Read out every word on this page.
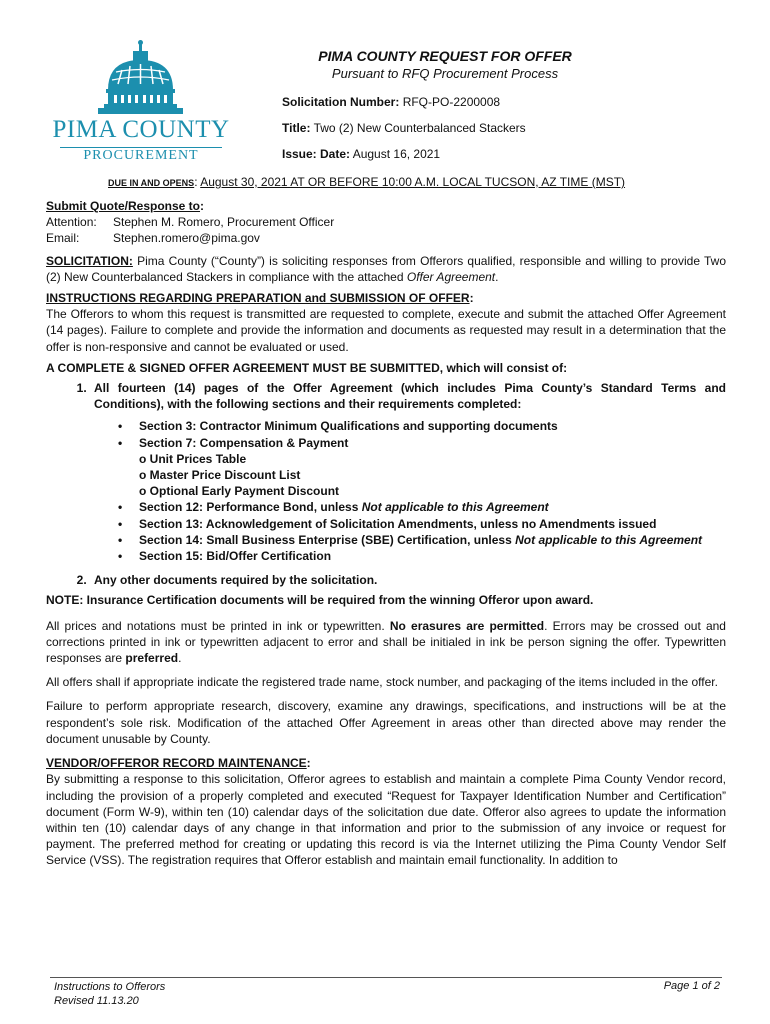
PIMA COUNTY
PROCUREMENT
PIMA COUNTY REQUEST FOR OFFER
Pursuant to RFQ Procurement Process
Solicitation Number: RFQ-PO-2200008
Title: Two (2) New Counterbalanced Stackers
Issue: Date: August 16, 2021
DUE IN AND OPENS: August 30, 2021 AT OR BEFORE 10:00 A.M. LOCAL TUCSON, AZ TIME (MST)
Submit Quote/Response to:
Attention:	Stephen M. Romero, Procurement Officer
Email:	Stephen.romero@pima.gov

SOLICITATION: Pima County (“County”) is soliciting responses from Offerors qualified, responsible and willing to provide Two (2) New Counterbalanced Stackers in compliance with the attached Offer Agreement.

INSTRUCTIONS REGARDING PREPARATION and SUBMISSION OF OFFER:

The Offerors to whom this request is transmitted are requested to complete, execute and submit the attached Offer Agreement (14 pages). Failure to complete and provide the information and documents as requested may result in a determination that the offer is non-responsive and cannot be evaluated or used.

A COMPLETE & SIGNED OFFER AGREEMENT MUST BE SUBMITTED, which will consist of:
1. All fourteen (14) pages of the Offer Agreement (which includes Pima County’s Standard Terms and Conditions), with the following sections and their requirements completed:
• Section 3: Contractor Minimum Qualifications and supporting documents
• Section 7: Compensation & Payment
o Unit Prices Table
o Master Price Discount List
o Optional Early Payment Discount
• Section 12: Performance Bond, unless Not applicable to this Agreement
• Section 13: Acknowledgement of Solicitation Amendments, unless no Amendments issued
• Section 14: Small Business Enterprise (SBE) Certification, unless Not applicable to this Agreement
• Section 15: Bid/Offer Certification
2. Any other documents required by the solicitation.

NOTE: Insurance Certification documents will be required from the winning Offeror upon award.

All prices and notations must be printed in ink or typewritten. No erasures are permitted. Errors may be crossed out and corrections printed in ink or typewritten adjacent to error and shall be initialed in ink be person signing the offer. Typewritten responses are preferred.

All offers shall if appropriate indicate the registered trade name, stock number, and packaging of the items included in the offer.

Failure to perform appropriate research, discovery, examine any drawings, specifications, and instructions will be at the respondent’s sole risk. Modification of the attached Offer Agreement in areas other than directed above may render the document unusable by County.

VENDOR/OFFEROR RECORD MAINTENANCE:

By submitting a response to this solicitation, Offeror agrees to establish and maintain a complete Pima County Vendor record, including the provision of a properly completed and executed “Request for Taxpayer Identification Number and Certification” document (Form W-9), within ten (10) calendar days of the solicitation due date. Offeror also agrees to update the information within ten (10) calendar days of any change in that information and prior to the submission of any invoice or request for payment. The preferred method for creating or updating this record is via the Internet utilizing the Pima County Vendor Self Service (VSS). The registration requires that Offeror establish and maintain email functionality. In addition to

Instructions to Offerors
Revised 11.13.20
Page 1 of 2
